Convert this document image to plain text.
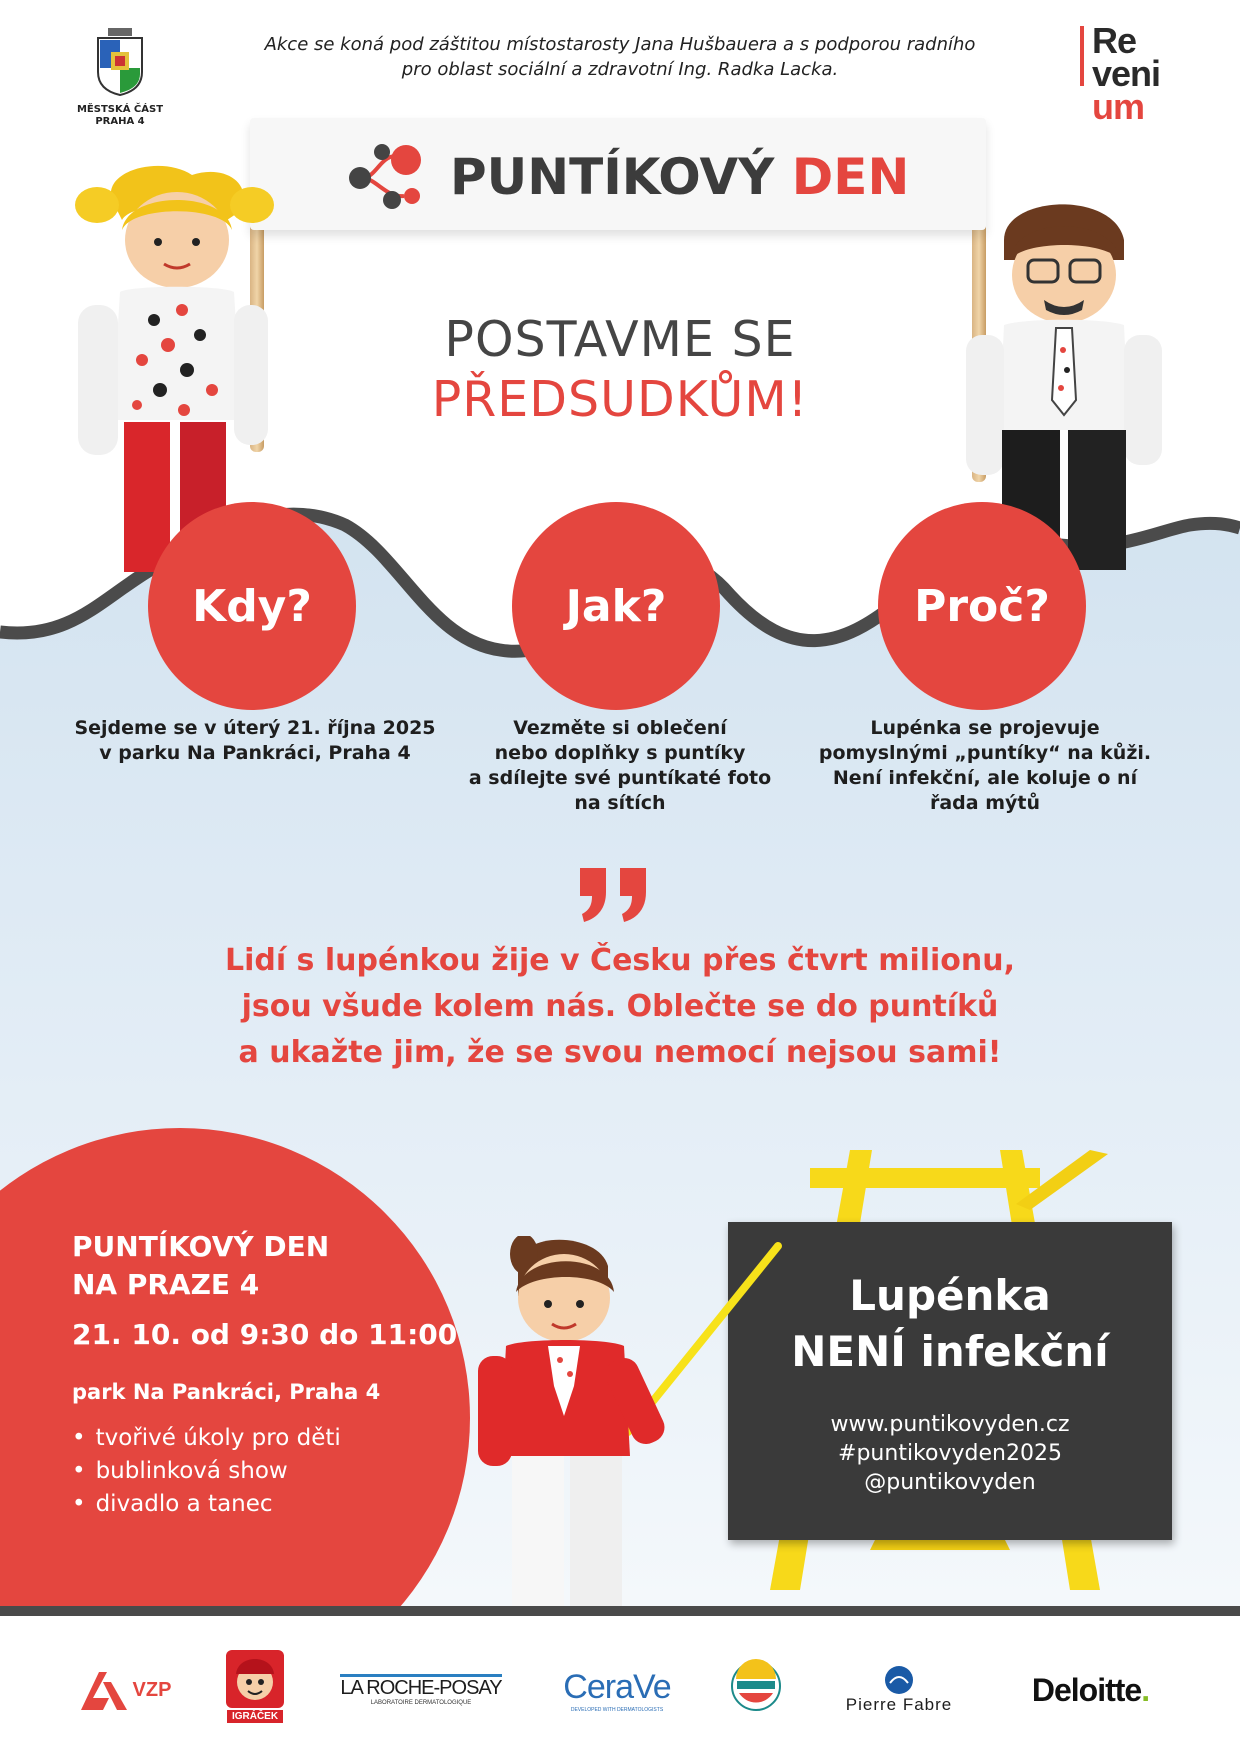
MĚSTSKÁ ČÁST
PRAHA 4
Akce se koná pod záštitou místostarosty Jana Hušbauera a s podporou radního
pro oblast sociální a zdravotní Ing. Radka Lacka.
Re
veni
um
PUNTÍKOVÝ DEN
POSTAVME SE
PŘEDSUDKŮM!
Kdy?	Jak?	Proč?
Sejdeme se v úterý 21. října 2025
v parku Na Pankráci, Praha 4
Vezměte si oblečení
nebo doplňky s puntíky
a sdílejte své puntíkaté foto
na sítích
Lupénka se projevuje
pomyslnými „puntíky“ na kůži.
Není infekční, ale koluje o ní
řada mýtů
Lidí s lupénkou žije v Česku přes čtvrt milionu,
jsou všude kolem nás. Oblečte se do puntíků
a ukažte jim, že se svou nemocí nejsou sami!
PUNTÍKOVÝ DEN
NA PRAZE 4
21. 10. od 9:30 do 11:00
park Na Pankráci, Praha 4
• tvořivé úkoly pro děti
• bublinková show
• divadlo a tanec
Lupénka
NENÍ infekční
www.puntikovyden.cz
#puntikovyden2025
@puntikovyden
VZP
IGRÁČEK
LA ROCHE-POSAY
LABORATOIRE DERMATOLOGIQUE	CeraVe
DEVELOPED WITH DERMATOLOGISTS	Pierre Fabre Deloitte .
